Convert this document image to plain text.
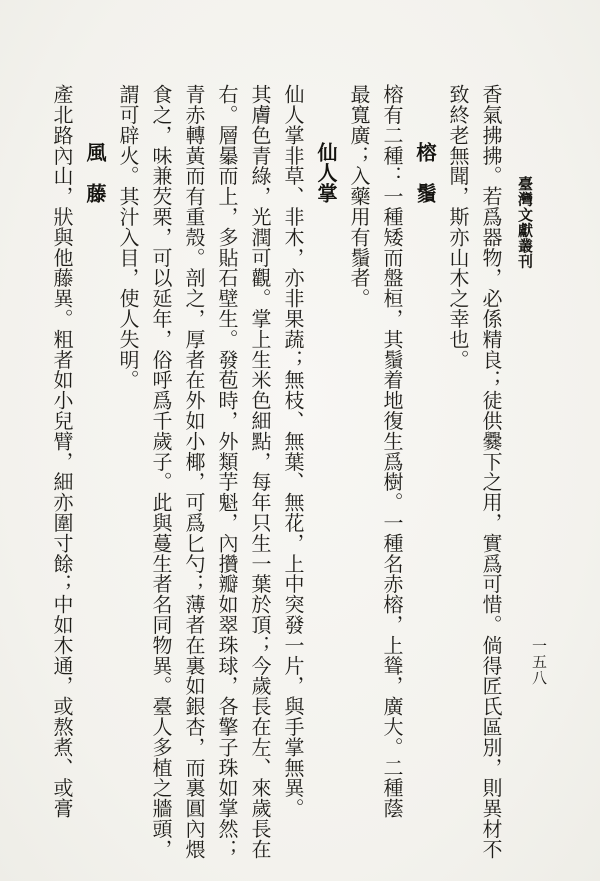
臺灣文獻叢刊
一五八
香氣拂拂。若爲器物，必係精良；徒供爨下之用，實爲可惜。倘得匠氏區別，則異材不
致終老無聞，斯亦山木之幸也。
榕　鬚
榕有二種：一種矮而盤桓，其鬚着地復生爲樹。一種名赤榕，上聳，廣大。二種蔭
最寬廣；入藥用有鬚者。
仙人掌
仙人掌非草、非木，亦非果蔬；無枝、無葉、無花，上中突發一片，與手掌無異。
其膚色青綠，光潤可觀。掌上生米色細點，每年只生一葉於頂；今歲長在左、來歲長在
右。層曓而上，多貼石壁生。發苞時，外類芋魁，內攢瓣如翠珠球，各擎子珠如掌然；
青赤轉黃而有重殼。剖之，厚者在外如小椰，可爲匕勺；薄者在裏如銀杏，而裏圓內煨
食之，味兼芡栗，可以延年，俗呼爲千歲子。此與蔓生者名同物異。臺人多植之牆頭，
謂可辟火。其汁入目，使人失明。
風　藤
產北路內山，狀與他藤異。粗者如小兒臂，細亦圍寸餘；中如木通，或熬煮、或膏
